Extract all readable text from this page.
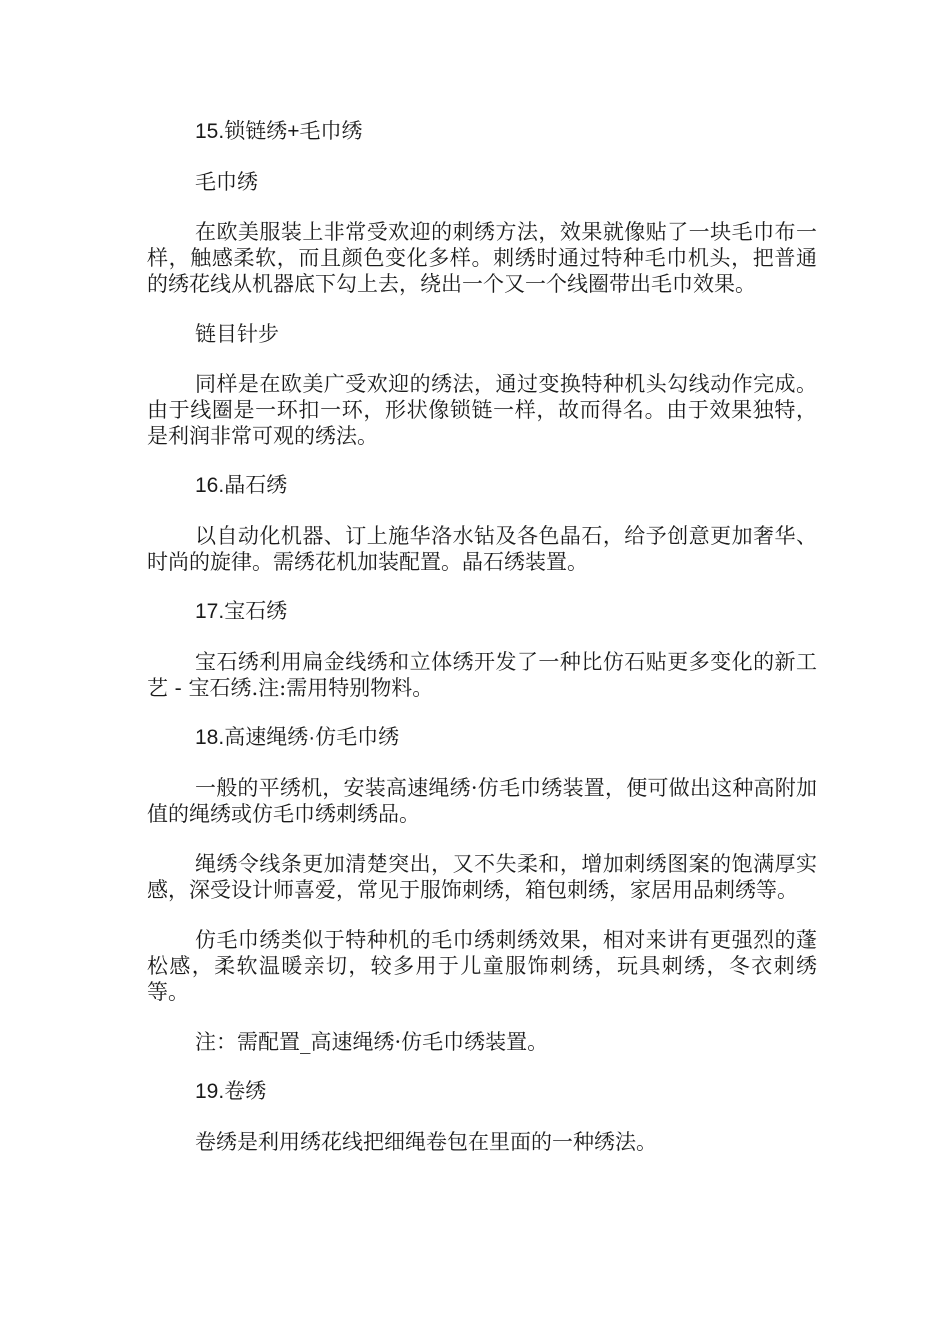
15.锁链绣+毛巾绣

毛巾绣

在欧美服装上非常受欢迎的刺绣方法，效果就像贴了一块毛巾布一样，触感柔软，而且颜色变化多样。刺绣时通过特种毛巾机头，把普通的绣花线从机器底下勾上去，绕出一个又一个线圈带出毛巾效果。

链目针步

同样是在欧美广受欢迎的绣法，通过变换特种机头勾线动作完成。由于线圈是一环扣一环，形状像锁链一样，故而得名。由于效果独特，是利润非常可观的绣法。

16.晶石绣

以自动化机器、订上施华洛水钻及各色晶石，给予创意更加奢华、时尚的旋律。需绣花机加装配置。晶石绣装置。

17.宝石绣

宝石绣利用扁金线绣和立体绣开发了一种比仿石贴更多变化的新工艺 - 宝石绣.注:需用特别物料。

18.高速绳绣·仿毛巾绣

一般的平绣机，安装高速绳绣·仿毛巾绣装置，便可做出这种高附加值的绳绣或仿毛巾绣刺绣品。

绳绣令线条更加清楚突出，又不失柔和，增加刺绣图案的饱满厚实感，深受设计师喜爱，常见于服饰刺绣，箱包刺绣，家居用品刺绣等。

仿毛巾绣类似于特种机的毛巾绣刺绣效果，相对来讲有更强烈的蓬松感，柔软温暖亲切，较多用于儿童服饰刺绣，玩具刺绣，冬衣刺绣等。

注：需配置_高速绳绣·仿毛巾绣装置。

19.卷绣

卷绣是利用绣花线把细绳卷包在里面的一种绣法。
